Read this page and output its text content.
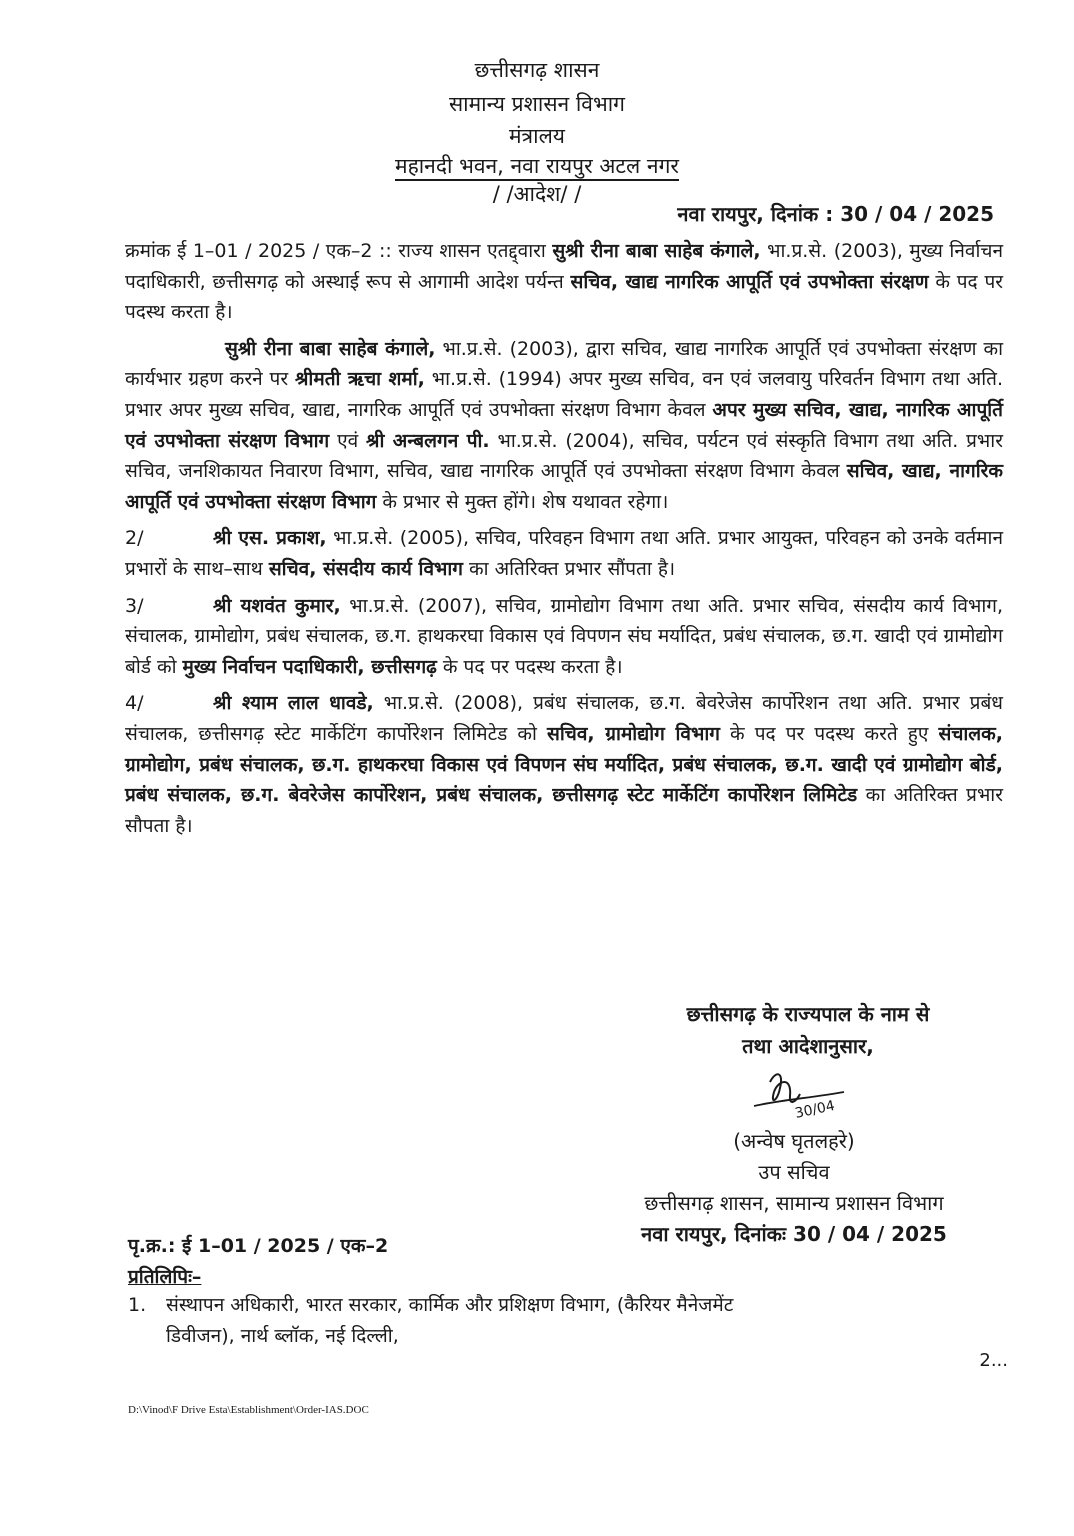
छत्तीसगढ़ शासन
सामान्य प्रशासन विभाग
मंत्रालय
महानदी भवन, नवा रायपुर अटल नगर
/ /आदेश/ /
नवा रायपुर, दिनांक : 30 / 04 / 2025

क्रमांक ई 1–01 / 2025 / एक–2 :: राज्य शासन एतद्द्वारा सुश्री रीना बाबा साहेब कंगाले, भा.प्र.से. (2003), मुख्य निर्वाचन पदाधिकारी, छत्तीसगढ़ को अस्थाई रूप से आगामी आदेश पर्यन्त सचिव, खाद्य नागरिक आपूर्ति एवं उपभोक्ता संरक्षण के पद पर पदस्थ करता है।

सुश्री रीना बाबा साहेब कंगाले, भा.प्र.से. (2003), द्वारा सचिव, खाद्य नागरिक आपूर्ति एवं उपभोक्ता संरक्षण का कार्यभार ग्रहण करने पर श्रीमती ऋचा शर्मा, भा.प्र.से. (1994) अपर मुख्य सचिव, वन एवं जलवायु परिवर्तन विभाग तथा अति. प्रभार अपर मुख्य सचिव, खाद्य, नागरिक आपूर्ति एवं उपभोक्ता संरक्षण विभाग केवल अपर मुख्य सचिव, खाद्य, नागरिक आपूर्ति एवं उपभोक्ता संरक्षण विभाग एवं श्री अन्बलगन पी. भा.प्र.से. (2004), सचिव, पर्यटन एवं संस्कृति विभाग तथा अति. प्रभार सचिव, जनशिकायत निवारण विभाग, सचिव, खाद्य नागरिक आपूर्ति एवं उपभोक्ता संरक्षण विभाग केवल सचिव, खाद्य, नागरिक आपूर्ति एवं उपभोक्ता संरक्षण विभाग के प्रभार से मुक्त होंगे। शेष यथावत रहेगा।

2/	श्री एस. प्रकाश, भा.प्र.से. (2005), सचिव, परिवहन विभाग तथा अति. प्रभार आयुक्त, परिवहन को उनके वर्तमान प्रभारों के साथ–साथ सचिव, संसदीय कार्य विभाग का अतिरिक्त प्रभार सौंपता है।

3/	श्री यशवंत कुमार, भा.प्र.से. (2007), सचिव, ग्रामोद्योग विभाग तथा अति. प्रभार सचिव, संसदीय कार्य विभाग, संचालक, ग्रामोद्योग, प्रबंध संचालक, छ.ग. हाथकरघा विकास एवं विपणन संघ मर्यादित, प्रबंध संचालक, छ.ग. खादी एवं ग्रामोद्योग बोर्ड को मुख्य निर्वाचन पदाधिकारी, छत्तीसगढ़ के पद पर पदस्थ करता है।

4/	श्री श्याम लाल धावडे, भा.प्र.से. (2008), प्रबंध संचालक, छ.ग. बेवरेजेस कार्पोरेशन तथा अति. प्रभार प्रबंध संचालक, छत्तीसगढ़ स्टेट मार्केटिंग कार्पोरेशन लिमिटेड को सचिव, ग्रामोद्योग विभाग के पद पर पदस्थ करते हुए संचालक, ग्रामोद्योग, प्रबंध संचालक, छ.ग. हाथकरघा विकास एवं विपणन संघ मर्यादित, प्रबंध संचालक, छ.ग. खादी एवं ग्रामोद्योग बोर्ड, प्रबंध संचालक, छ.ग. बेवरेजेस कार्पोरेशन, प्रबंध संचालक, छत्तीसगढ़ स्टेट मार्केटिंग कार्पोरेशन लिमिटेड का अतिरिक्त प्रभार सौपता है।

छत्तीसगढ़ के राज्यपाल के नाम से
तथा आदेशानुसार,
30/04
(अन्वेष घृतलहरे)
उप सचिव
छत्तीसगढ़ शासन, सामान्य प्रशासन विभाग
नवा रायपुर, दिनांकः 30 / 04 / 2025
पृ.क्र.: ई 1–01 / 2025 / एक–2
प्रतिलिपिः–
1. संस्थापन अधिकारी, भारत सरकार, कार्मिक और प्रशिक्षण विभाग, (कैरियर मैनेजमेंट
डिवीजन), नार्थ ब्लॉक, नई दिल्ली,
2...
D:\Vinod\F Drive Esta\Establishment\Order-IAS.DOC
